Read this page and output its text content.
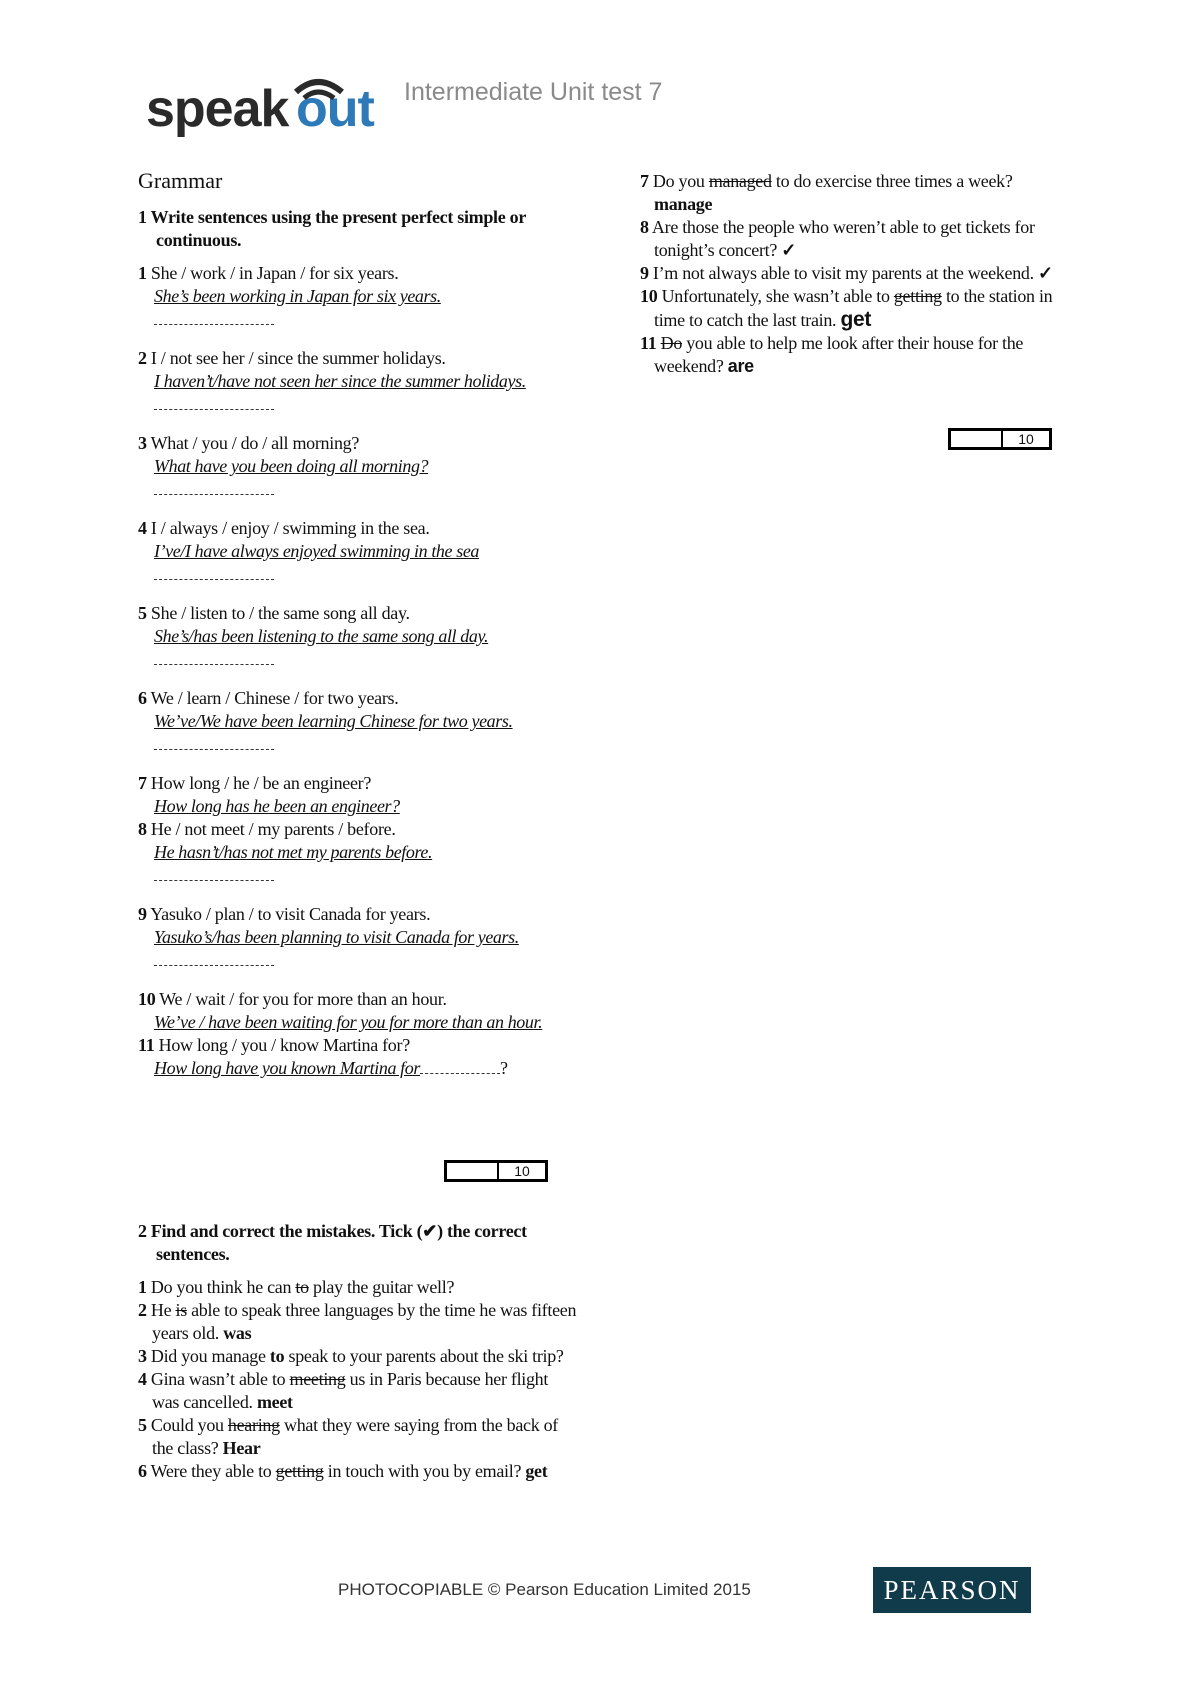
speak out Intermediate Unit test 7
Grammar
1 Write sentences using the present perfect simple or continuous.
1 She / work / in Japan / for six years.
She’s been working in Japan for six years.
2 I / not see her / since the summer holidays.
I haven’t/have not seen her since the summer holidays.
3 What / you / do / all morning?
What have you been doing all morning?
4 I / always / enjoy / swimming in the sea.
I’ve/I have always enjoyed swimming in the sea
5 She / listen to / the same song all day.
She’s/has been listening to the same song all day.
6 We / learn / Chinese / for two years.
We’ve/We have been learning Chinese for two years.
7 How long / he / be an engineer?
How long has he been an engineer?
8 He / not meet / my parents / before.
He hasn’t/has not met my parents before.
9 Yasuko / plan / to visit Canada for years.
Yasuko’s/has been planning to visit Canada for years.
10 We / wait / for you for more than an hour.
We’ve / have been waiting for you for more than an hour.
11 How long / you / know Martina for?
How long have you known Martina for	?
10
2 Find and correct the mistakes. Tick (✔) the correct sentences.
1 Do you think he can to play the guitar well?
2 He is able to speak three languages by the time he was fifteen years old. was
3 Did you manage to speak to your parents about the ski trip?
4 Gina wasn’t able to meeting us in Paris because her flight was cancelled. meet
5 Could you hearing what they were saying from the back of the class? Hear
6 Were they able to getting in touch with you by email? get
7 Do you managed to do exercise three times a week? manage
8 Are those the people who weren’t able to get tickets for tonight’s concert? ✓
9 I’m not always able to visit my parents at the weekend. ✓
10 Unfortunately, she wasn’t able to getting to the station in time to catch the last train. get
11 Do you able to help me look after their house for the weekend? are
10
PHOTOCOPIABLE © Pearson Education Limited 2015	PEARSON
